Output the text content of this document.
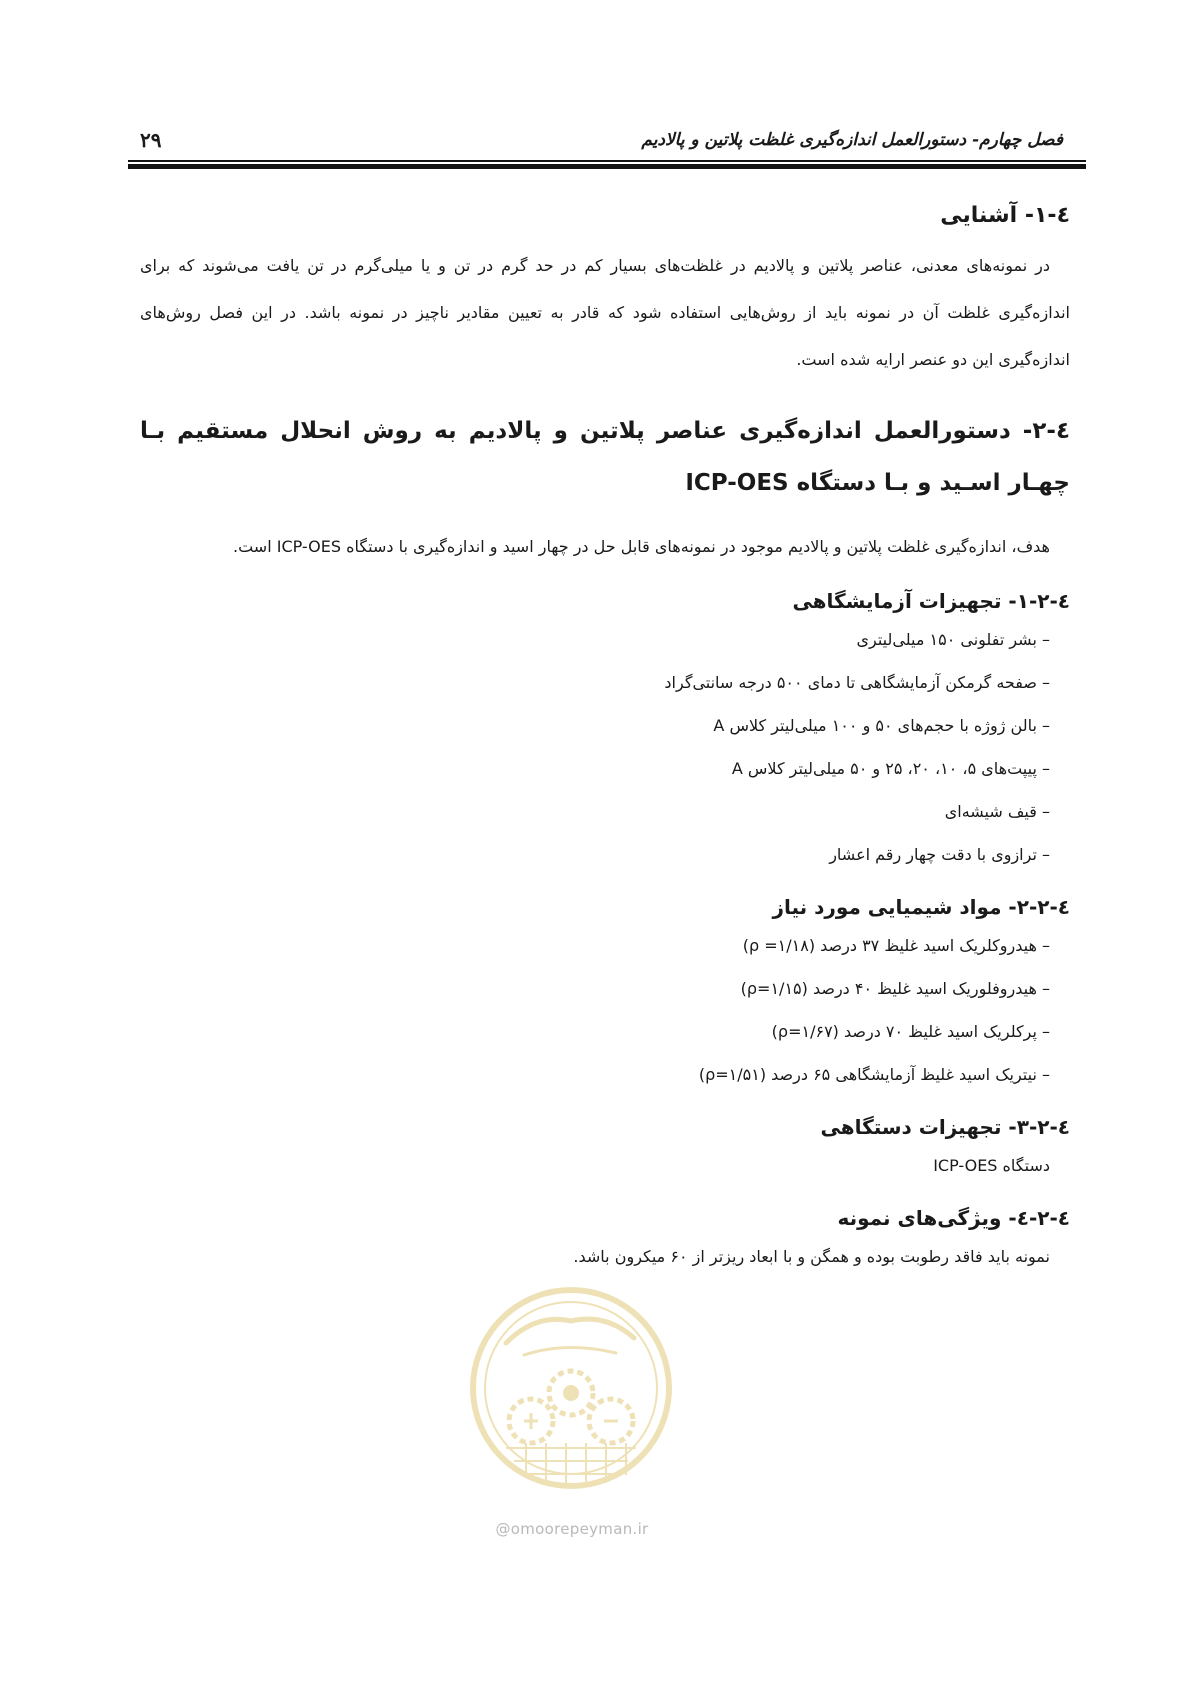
فصل چهارم- دستورالعمل اندازه‌گیری غلظت پلاتین و پالادیم
۲۹
٤-١- آشنایی

در نمونه‌های معدنی، عناصر پلاتین و پالادیم در غلظت‌های بسیار کم در حد گرم در تن و یا میلی‌گرم در تن یافت می‌شوند که برای اندازه‌گیری غلظت آن در نمونه باید از روش‌هایی استفاده شود که قادر به تعیین مقادیر ناچیز در نمونه باشد. در این فصل روش‌های اندازه‌گیری این دو عنصر ارایه شده است.

٤-٢- دستورالعمل اندازه‌گیری عناصر پلاتین و پالادیم به روش انحلال مستقیم بـا چهـار اسـید و بـا دستگاه ICP-OES

هدف، اندازه‌گیری غلظت پلاتین و پالادیم موجود در نمونه‌های قابل حل در چهار اسید و اندازه‌گیری با دستگاه ICP-OES است.

٤-٢-١- تجهیزات آزمایشگاهی
– بشر تفلونی ۱۵۰ میلی‌لیتری
– صفحه گرمکن آزمایشگاهی تا دمای ۵۰۰ درجه سانتی‌گراد
– بالن ژوژه با حجم‌های ۵۰ و ۱۰۰ میلی‌لیتر کلاس A
– پیپت‌های ۵، ۱۰، ۲۰، ۲۵ و ۵۰ میلی‌لیتر کلاس A
– قیف شیشه‌ای
– ترازوی با دقت چهار رقم اعشار
٤-٢-٢- مواد شیمیایی مورد نیاز
– هیدروکلریک اسید غلیظ ۳۷ درصد (ρ =۱/۱۸)
– هیدروفلوریک اسید غلیظ ۴۰ درصد (ρ=۱/۱۵)
– پرکلریک اسید غلیظ ۷۰ درصد (ρ=۱/۶۷)
– نیتریک اسید غلیظ آزمایشگاهی ۶۵ درصد (ρ=۱/۵۱)
٤-٢-٣- تجهیزات دستگاهی
دستگاه ICP-OES
٤-٢-٤- ویژگی‌های نمونه
نمونه باید فاقد رطوبت بوده و همگن و با ابعاد ریزتر از ۶۰ میکرون باشد.
@omoorepeyman.ir
